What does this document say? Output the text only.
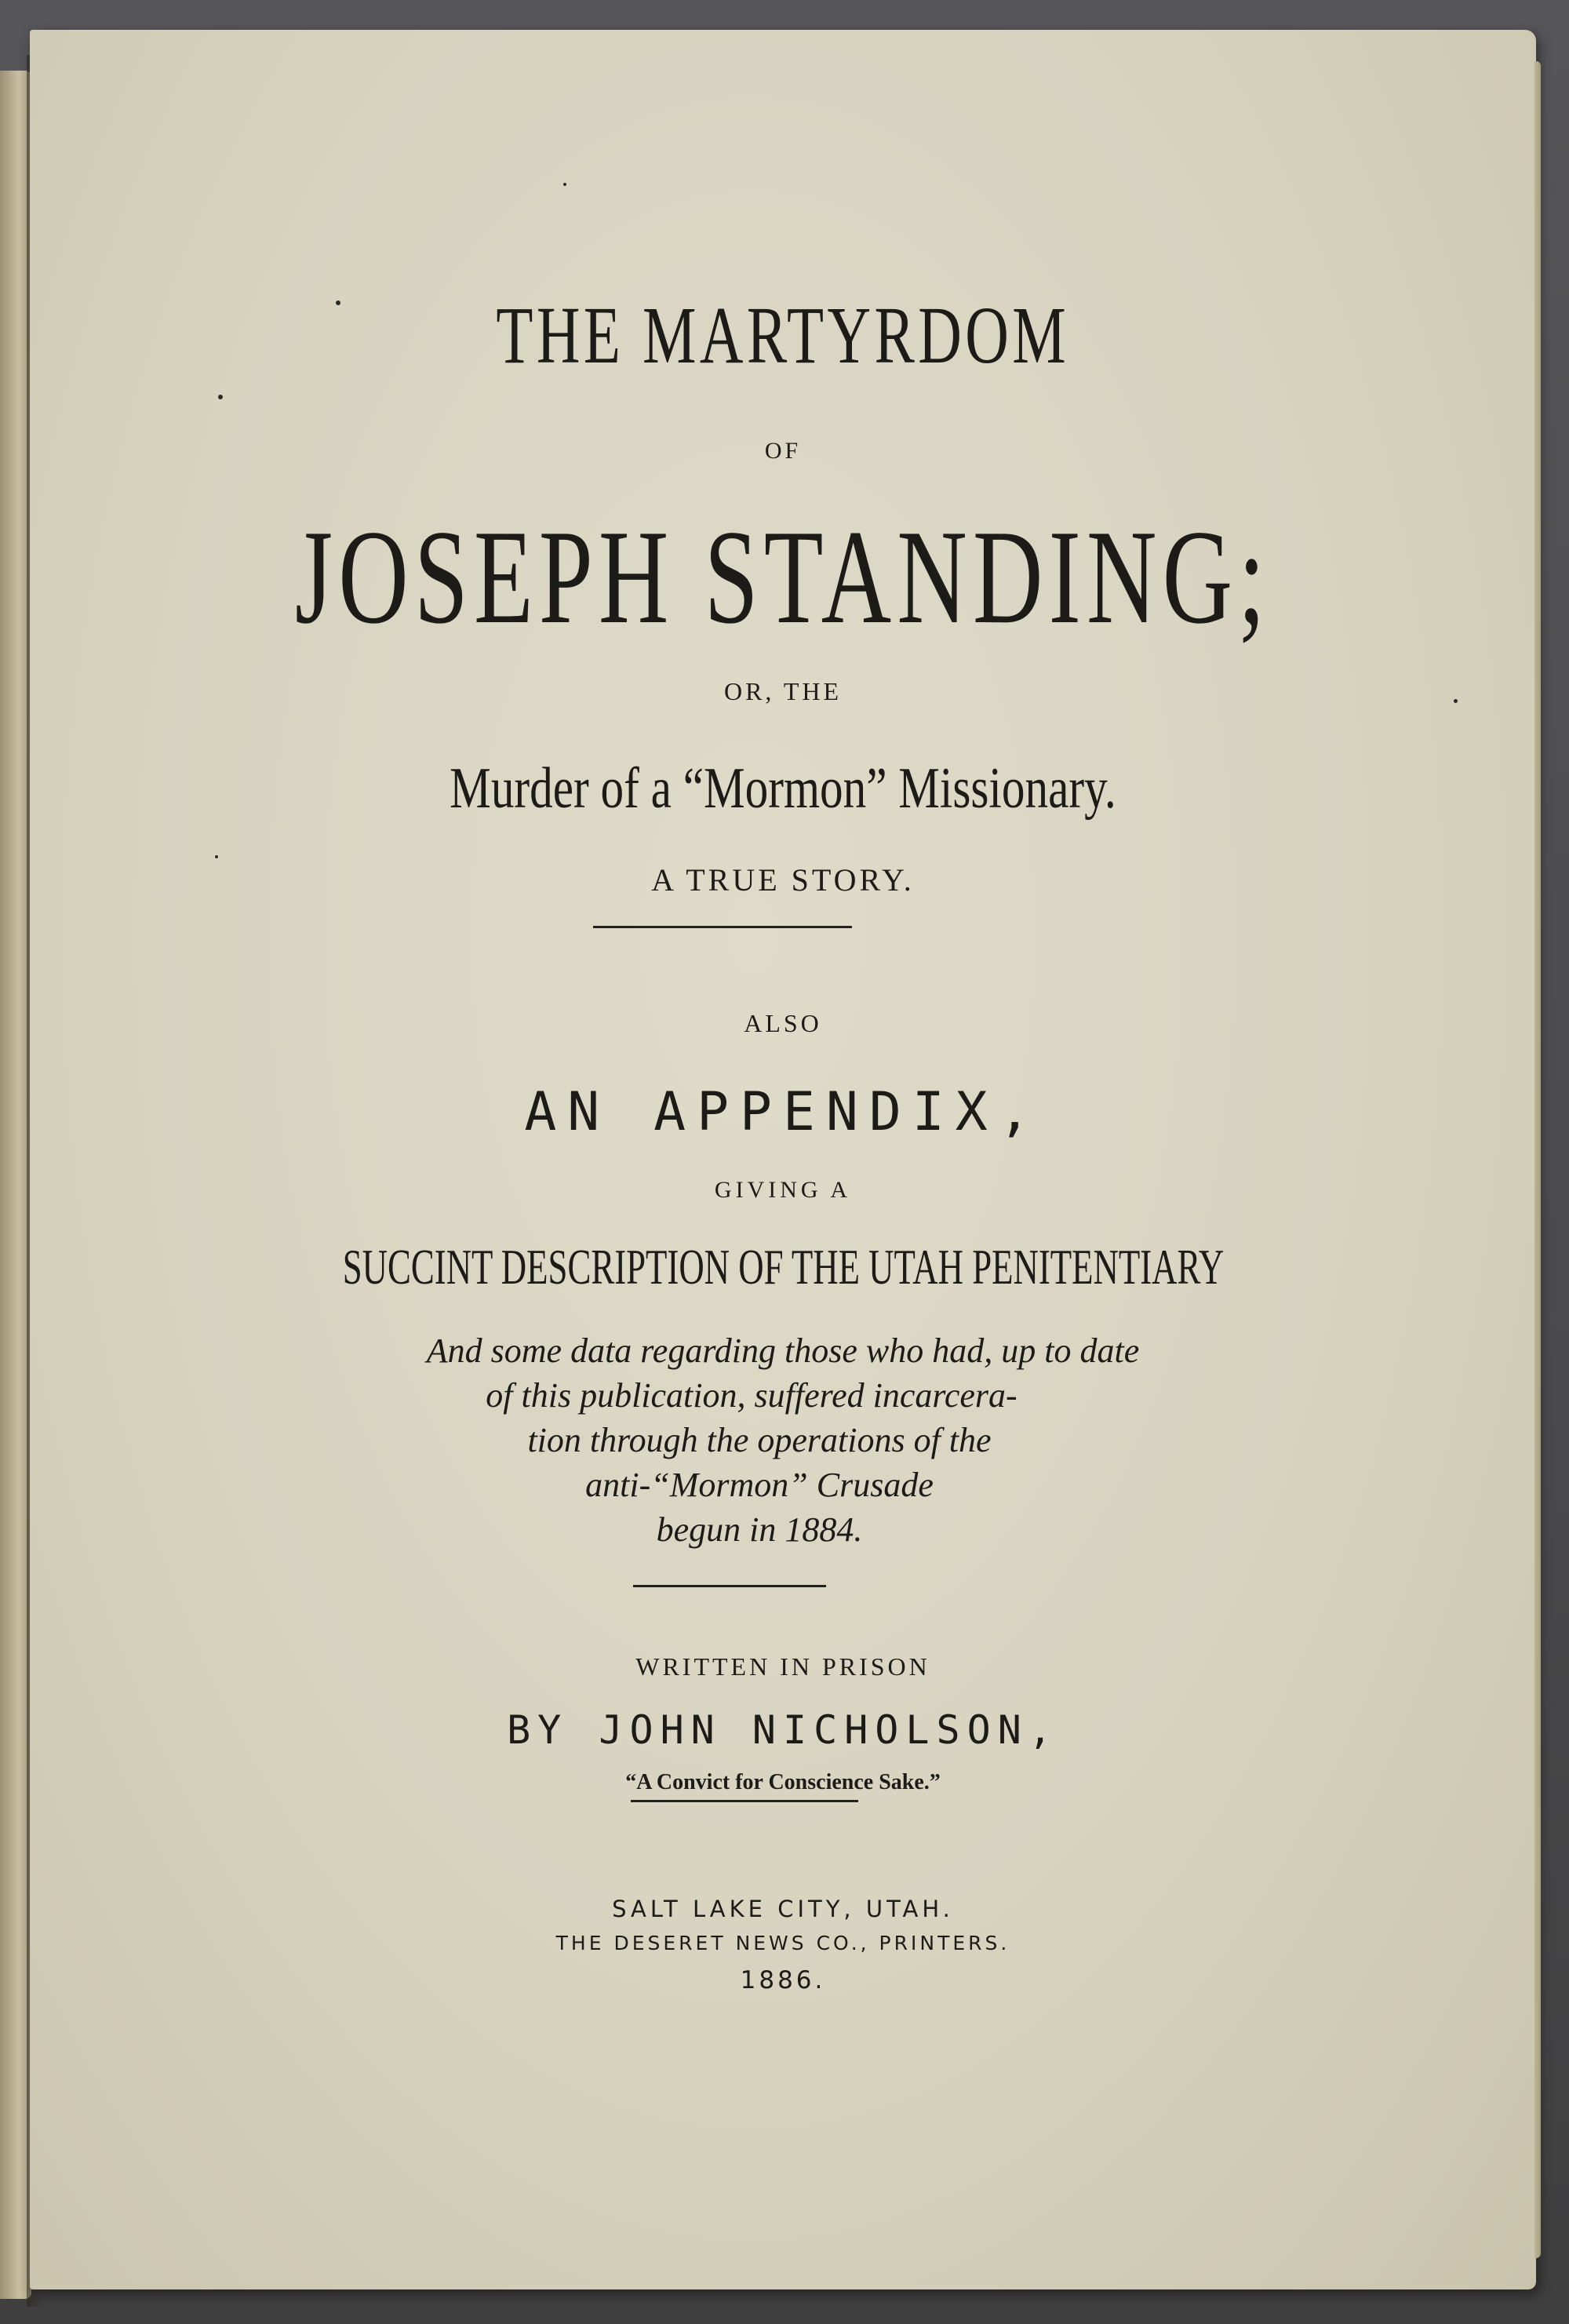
THE MARTYRDOM
OF
JOSEPH STANDING;
OR, THE
Murder of a “Mormon” Missionary.
A TRUE STORY.
ALSO
AN APPENDIX,
GIVING A
SUCCINT DESCRIPTION OF THE UTAH PENITENTIARY
And some data regarding those who had, up to date
of this publication, suffered incarcera-
tion through the operations of the
anti-“Mormon” Crusade
begun in 1884.
WRITTEN IN PRISON
BY JOHN NICHOLSON,
“A Convict for Conscience Sake.”
SALT LAKE CITY, UTAH.
THE DESERET NEWS CO., PRINTERS.
1886.
